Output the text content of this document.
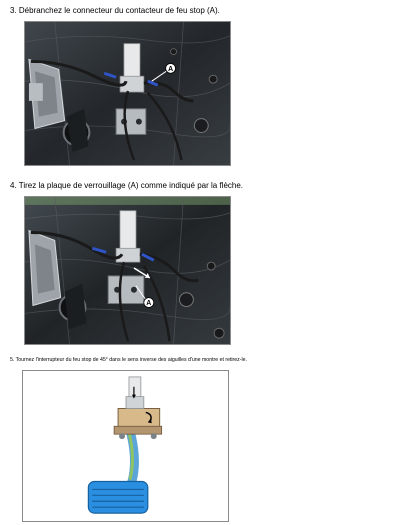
3. Débranchez le connecteur du contacteur de feu stop (A).
A
4. Tirez la plaque de verrouillage (A) comme indiqué par la flèche.
A
5. Tournez l'interrupteur du feu stop de 45° dans le sens inverse des aiguilles d'une montre et retirez-le.
